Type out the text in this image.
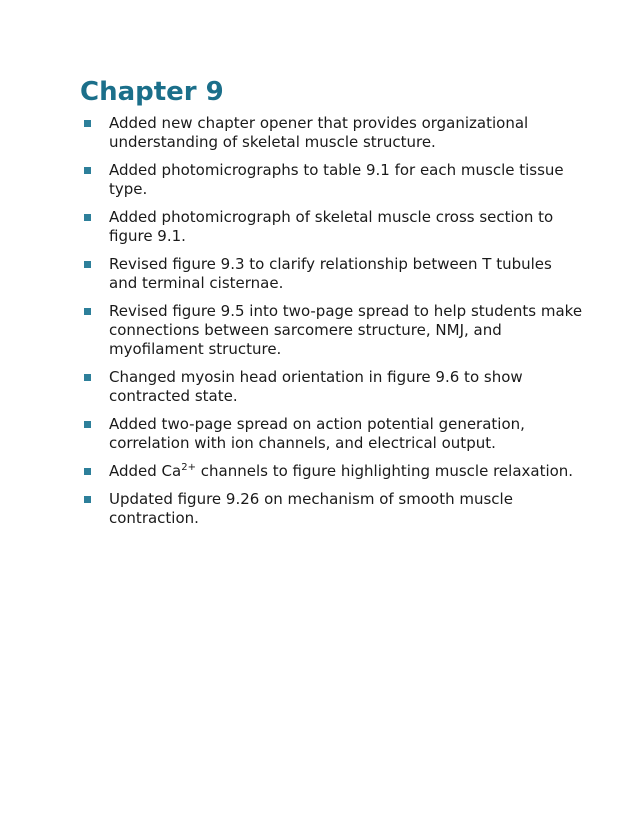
Chapter 9
Added new chapter opener that provides organizational understanding of skeletal muscle structure.
Added photomicrographs to table 9.1 for each muscle tissue type.
Added photomicrograph of skeletal muscle cross section to figure 9.1.
Revised figure 9.3 to clarify relationship between T tubules and terminal cisternae.
Revised figure 9.5 into two-page spread to help students make connections between sarcomere structure, NMJ, and myofilament structure.
Changed myosin head orientation in figure 9.6 to show contracted state.
Added two-page spread on action potential generation, correlation with ion channels, and electrical output.
Added $Ca^{2+}$ channels to figure highlighting muscle relaxation.
Updated figure 9.26 on mechanism of smooth muscle contraction.
